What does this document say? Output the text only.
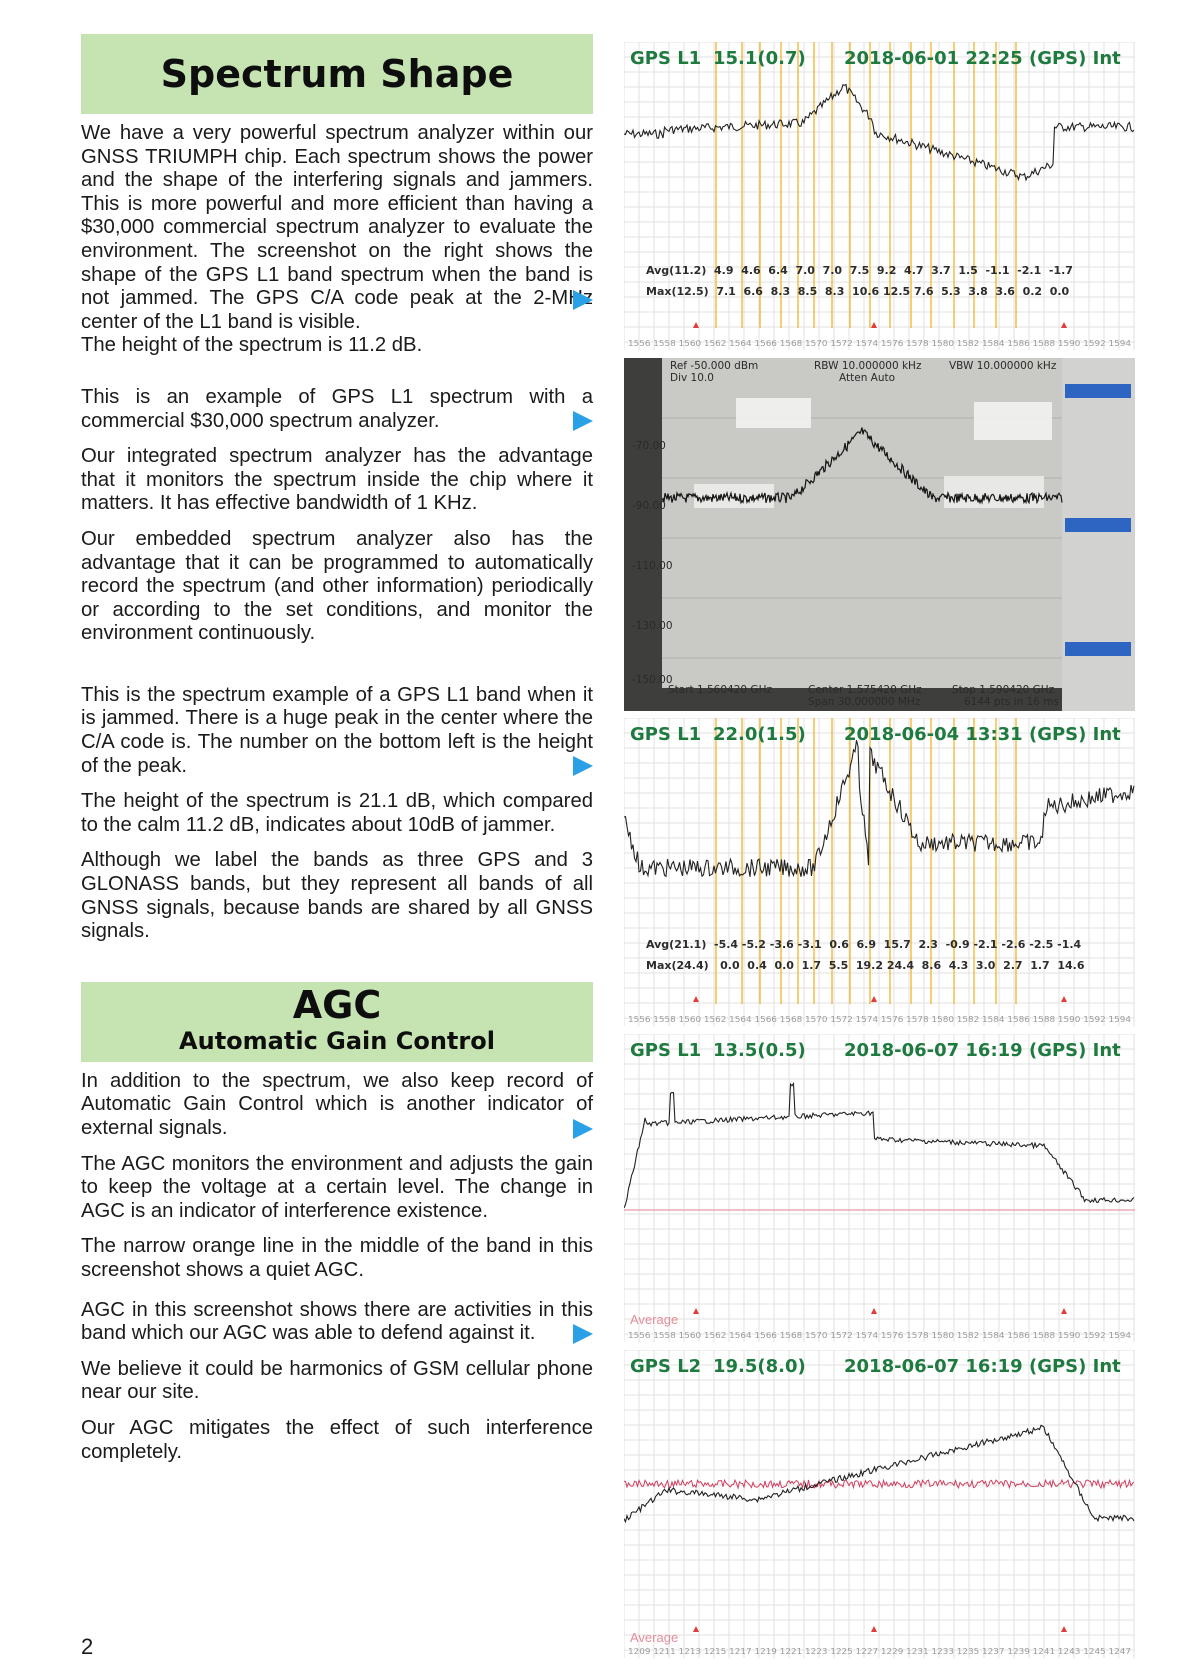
Spectrum Shape

We have a very powerful spectrum analyzer within our GNSS TRIUMPH chip. Each spectrum shows the power and the shape of the interfering signals and jammers. This is more powerful and more efficient than having a $30,000 commercial spectrum analyzer to evaluate the environment. The screenshot on the right shows the shape of the GPS L1 band spectrum when the band is not jammed. The GPS C/A code peak at the 2-MHz center of the L1 band is visible.

The height of the spectrum is 11.2 dB.

This is an example of GPS L1 spectrum with a commercial $30,000 spectrum analyzer.

Our integrated spectrum analyzer has the advantage that it monitors the spectrum inside the chip where it matters. It has effective bandwidth of 1 KHz.

Our embedded spectrum analyzer also has the advantage that it can be programmed to automatically record the spectrum (and other information) periodically or according to the set conditions, and monitor the environment continuously.

This is the spectrum example of a GPS L1 band when it is jammed. There is a huge peak in the center where the C/A code is. The number on the bottom left is the height of the peak.

The height of the spectrum is 21.1 dB, which compared to the calm 11.2 dB, indicates about 10dB of jammer.

Although we label the bands as three GPS and 3 GLONASS bands, but they represent all bands of all GNSS signals, because bands are shared by all GNSS signals.

AGC
Automatic Gain Control

In addition to the spectrum, we also keep record of Automatic Gain Control which is another indicator of external signals.

The AGC monitors the environment and adjusts the gain to keep the voltage at a certain level. The change in AGC is an indicator of interference existence.

The narrow orange line in the middle of the band in this screenshot shows a quiet AGC.

AGC in this screenshot shows there are activities in this band which our AGC was able to defend against it.

We believe it could be harmonics of GSM cellular phone near our site.

Our AGC mitigates the effect of such interference completely.

2
1556 1558 1560 1562 1564 1566 1568 1570 1572 1574 1576 1578 1580 1582 1584 1586 1588 1590 1592 1594
GPS L1 15.1(0.7) 2018-06-01 22:25 (GPS) Int
Avg(11.2)  4.9  4.6  6.4  7.0  7.0  7.5  9.2  4.7  3.7  1.5  -1.1  -2.1  -1.7
Max(12.5)  7.1  6.6  8.3  8.5  8.3  10.6 12.5 7.6  5.3  3.8  3.6  0.2  0.0
Ref -50.000 dBm
Div 10.0
RBW 10.000000 kHz
Atten Auto
VBW 10.000000 kHz
Start 1.560420 GHz	Center 1.575420 GHz
Span 30.000000 MHz
Stop 1.590420 GHz
6144 pts in 16 ms
-70.00
-90.00
-110.00
-130.00
-150.00
1556 1558 1560 1562 1564 1566 1568 1570 1572 1574 1576 1578 1580 1582 1584 1586 1588 1590 1592 1594
GPS L1 22.0(1.5) 2018-06-04 13:31 (GPS) Int
Avg(21.1)  -5.4 -5.2 -3.6 -3.1  0.6  6.9  15.7  2.3  -0.9 -2.1 -2.6 -2.5 -1.4
Max(24.4)   0.0  0.4  0.0  1.7  5.5  19.2 24.4  8.6  4.3  3.0  2.7  1.7  14.6
1556 1558 1560 1562 1564 1566 1568 1570 1572 1574 1576 1578 1580 1582 1584 1586 1588 1590 1592 1594
GPS L1 13.5(0.5) 2018-06-07 16:19 (GPS) Int
Average
1209 1211 1213 1215 1217 1219 1221 1223 1225 1227 1229 1231 1233 1235 1237 1239 1241 1243 1245 1247
GPS L2 19.5(8.0) 2018-06-07 16:19 (GPS) Int
Average
